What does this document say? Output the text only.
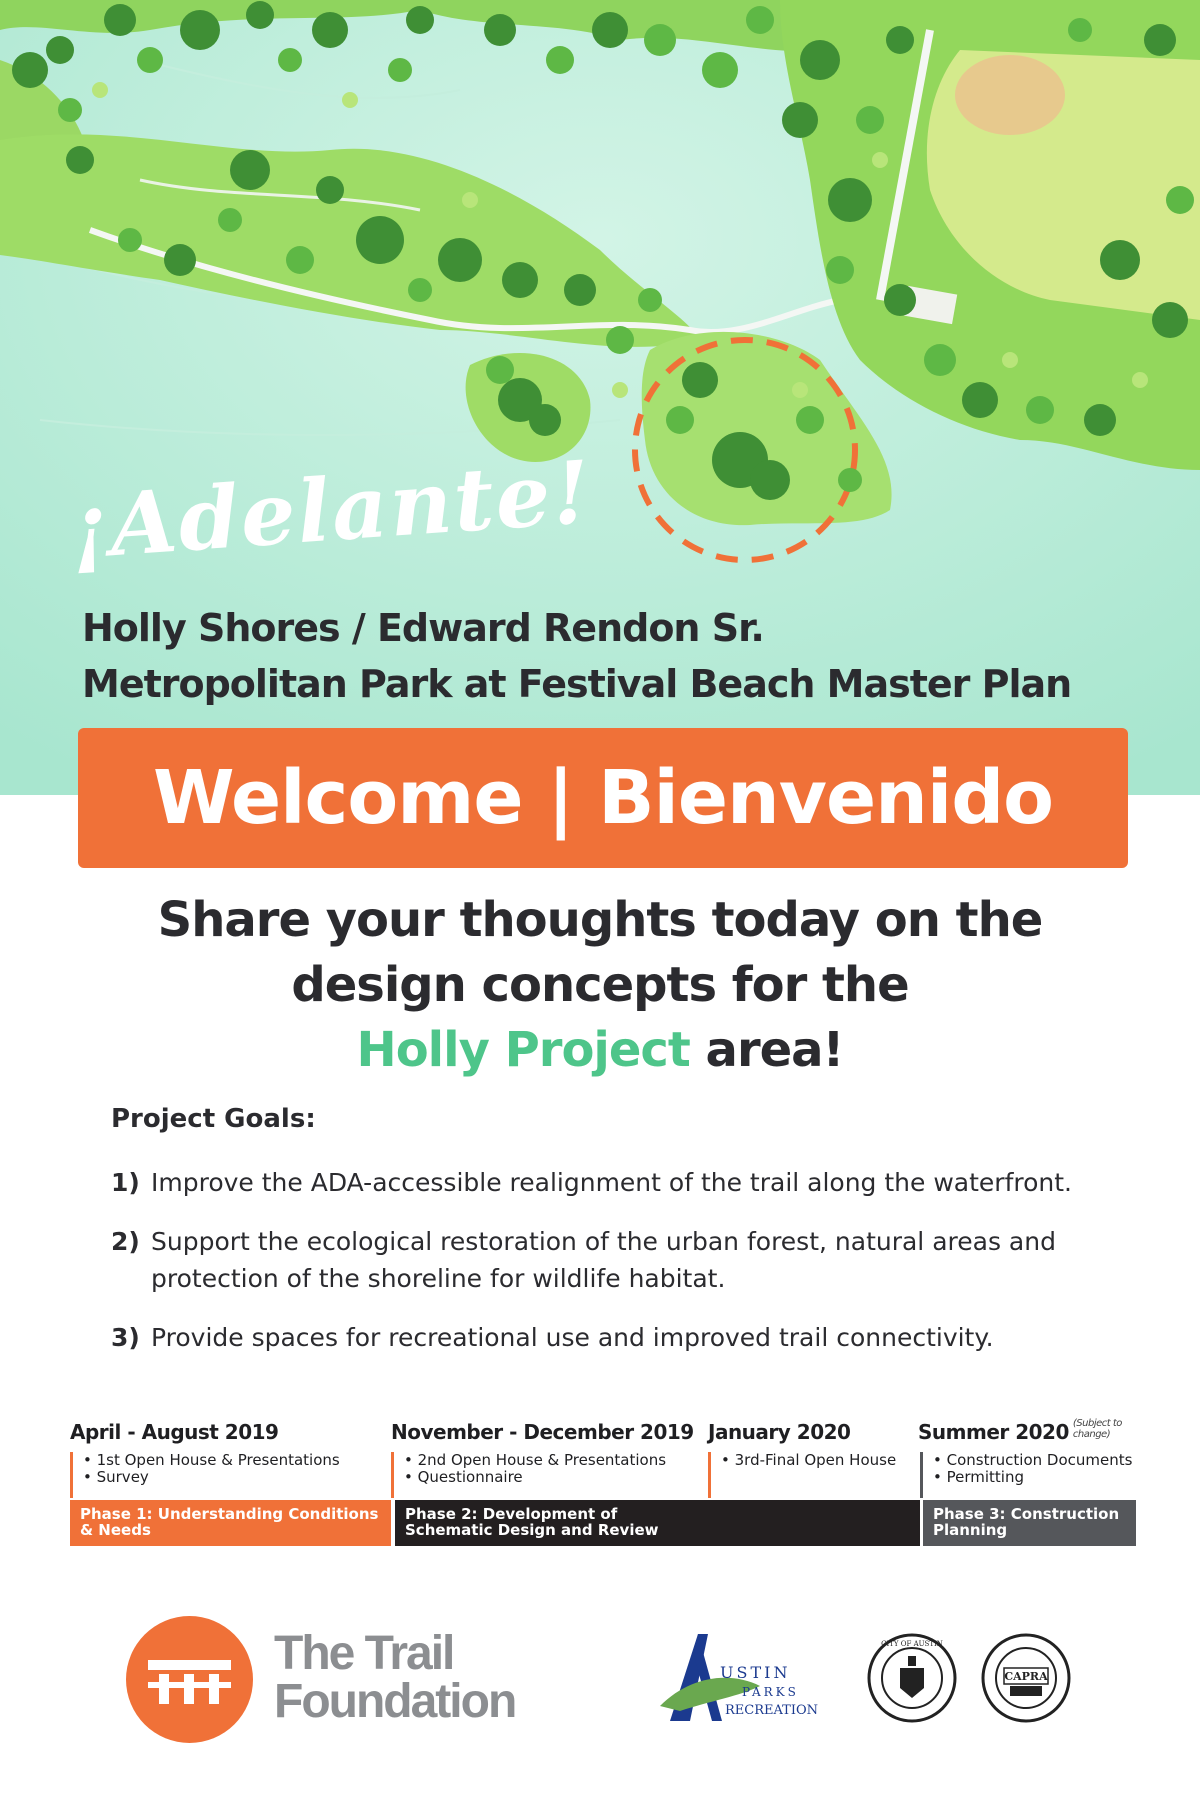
¡Adelante!
Holly Shores / Edward Rendon Sr.
Metropolitan Park at Festival Beach Master Plan
Welcome | Bienvenido
Share your thoughts today on the
design concepts for the
Holly Project area!
Project Goals:
1) Improve the ADA-accessible realignment of the trail along the waterfront.
2) Support the ecological restoration of the urban forest, natural areas and protection of the shoreline for wildlife habitat.
3) Provide spaces for recreational use and improved trail connectivity.
April - August 2019
• 1st Open House & Presentations
• Survey
November - December 2019
• 2nd Open House & Presentations
• Questionnaire
January 2020
• 3rd-Final Open House
Summer 2020 (Subject to
change)
• Construction Documents
• Permitting
Phase 1: Understanding Conditions & Needs
Phase 2: Development of Schematic Design and Review
Phase 3: Construction Planning
The Trail
Foundation
USTIN
PARKS
RECREATION
CITY OF AUSTIN
CAPRA
